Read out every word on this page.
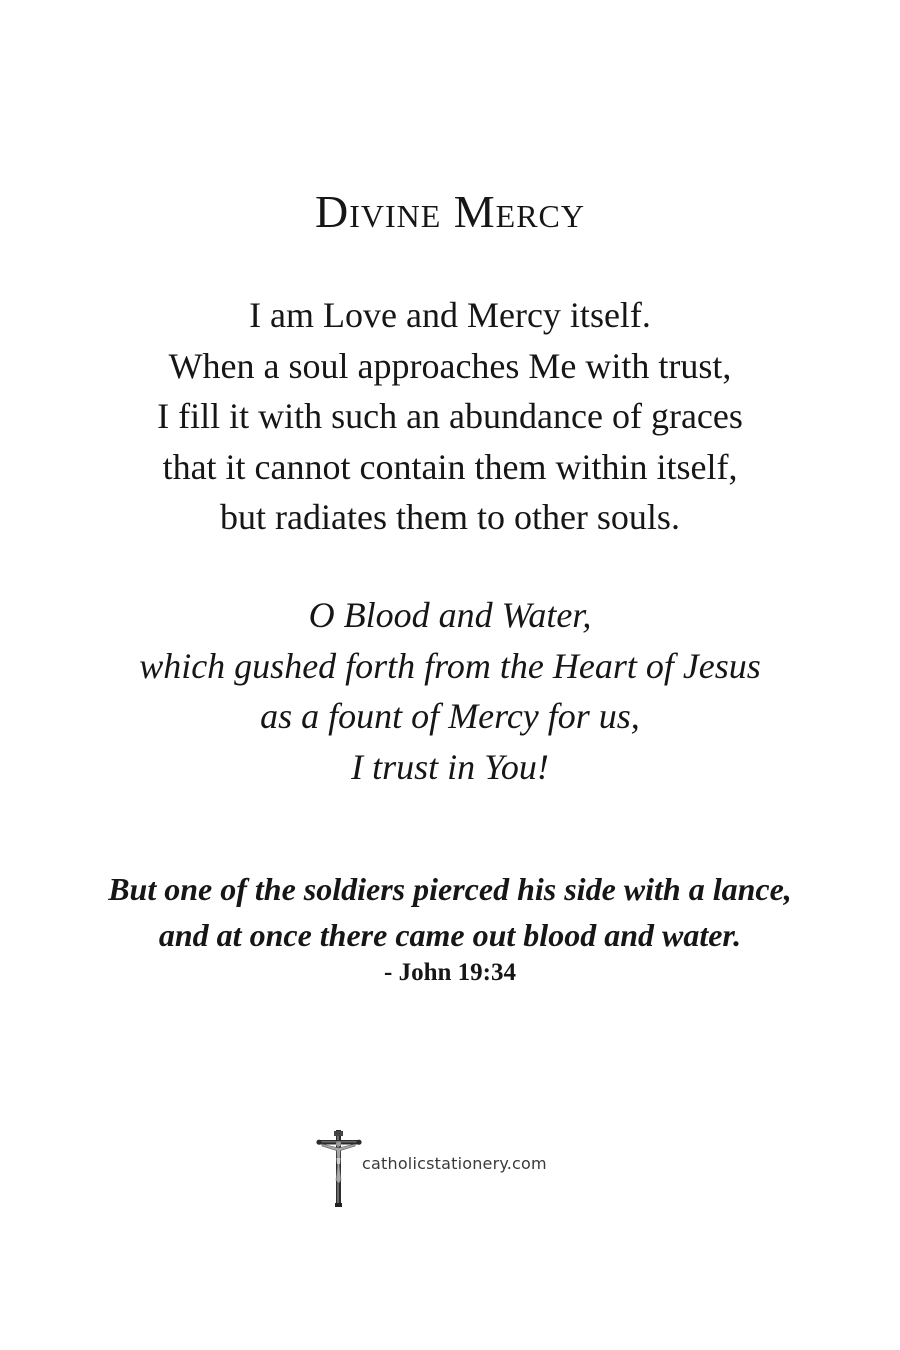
Divine Mercy
I am Love and Mercy itself.
When a soul approaches Me with trust,
I fill it with such an abundance of graces
that it cannot contain them within itself,
but radiates them to other souls.
O Blood and Water,
which gushed forth from the Heart of Jesus
as a fount of Mercy for us,
I trust in You!
But one of the soldiers pierced his side with a lance,
and at once there came out blood and water.
- John 19:34
catholicstationery.com
